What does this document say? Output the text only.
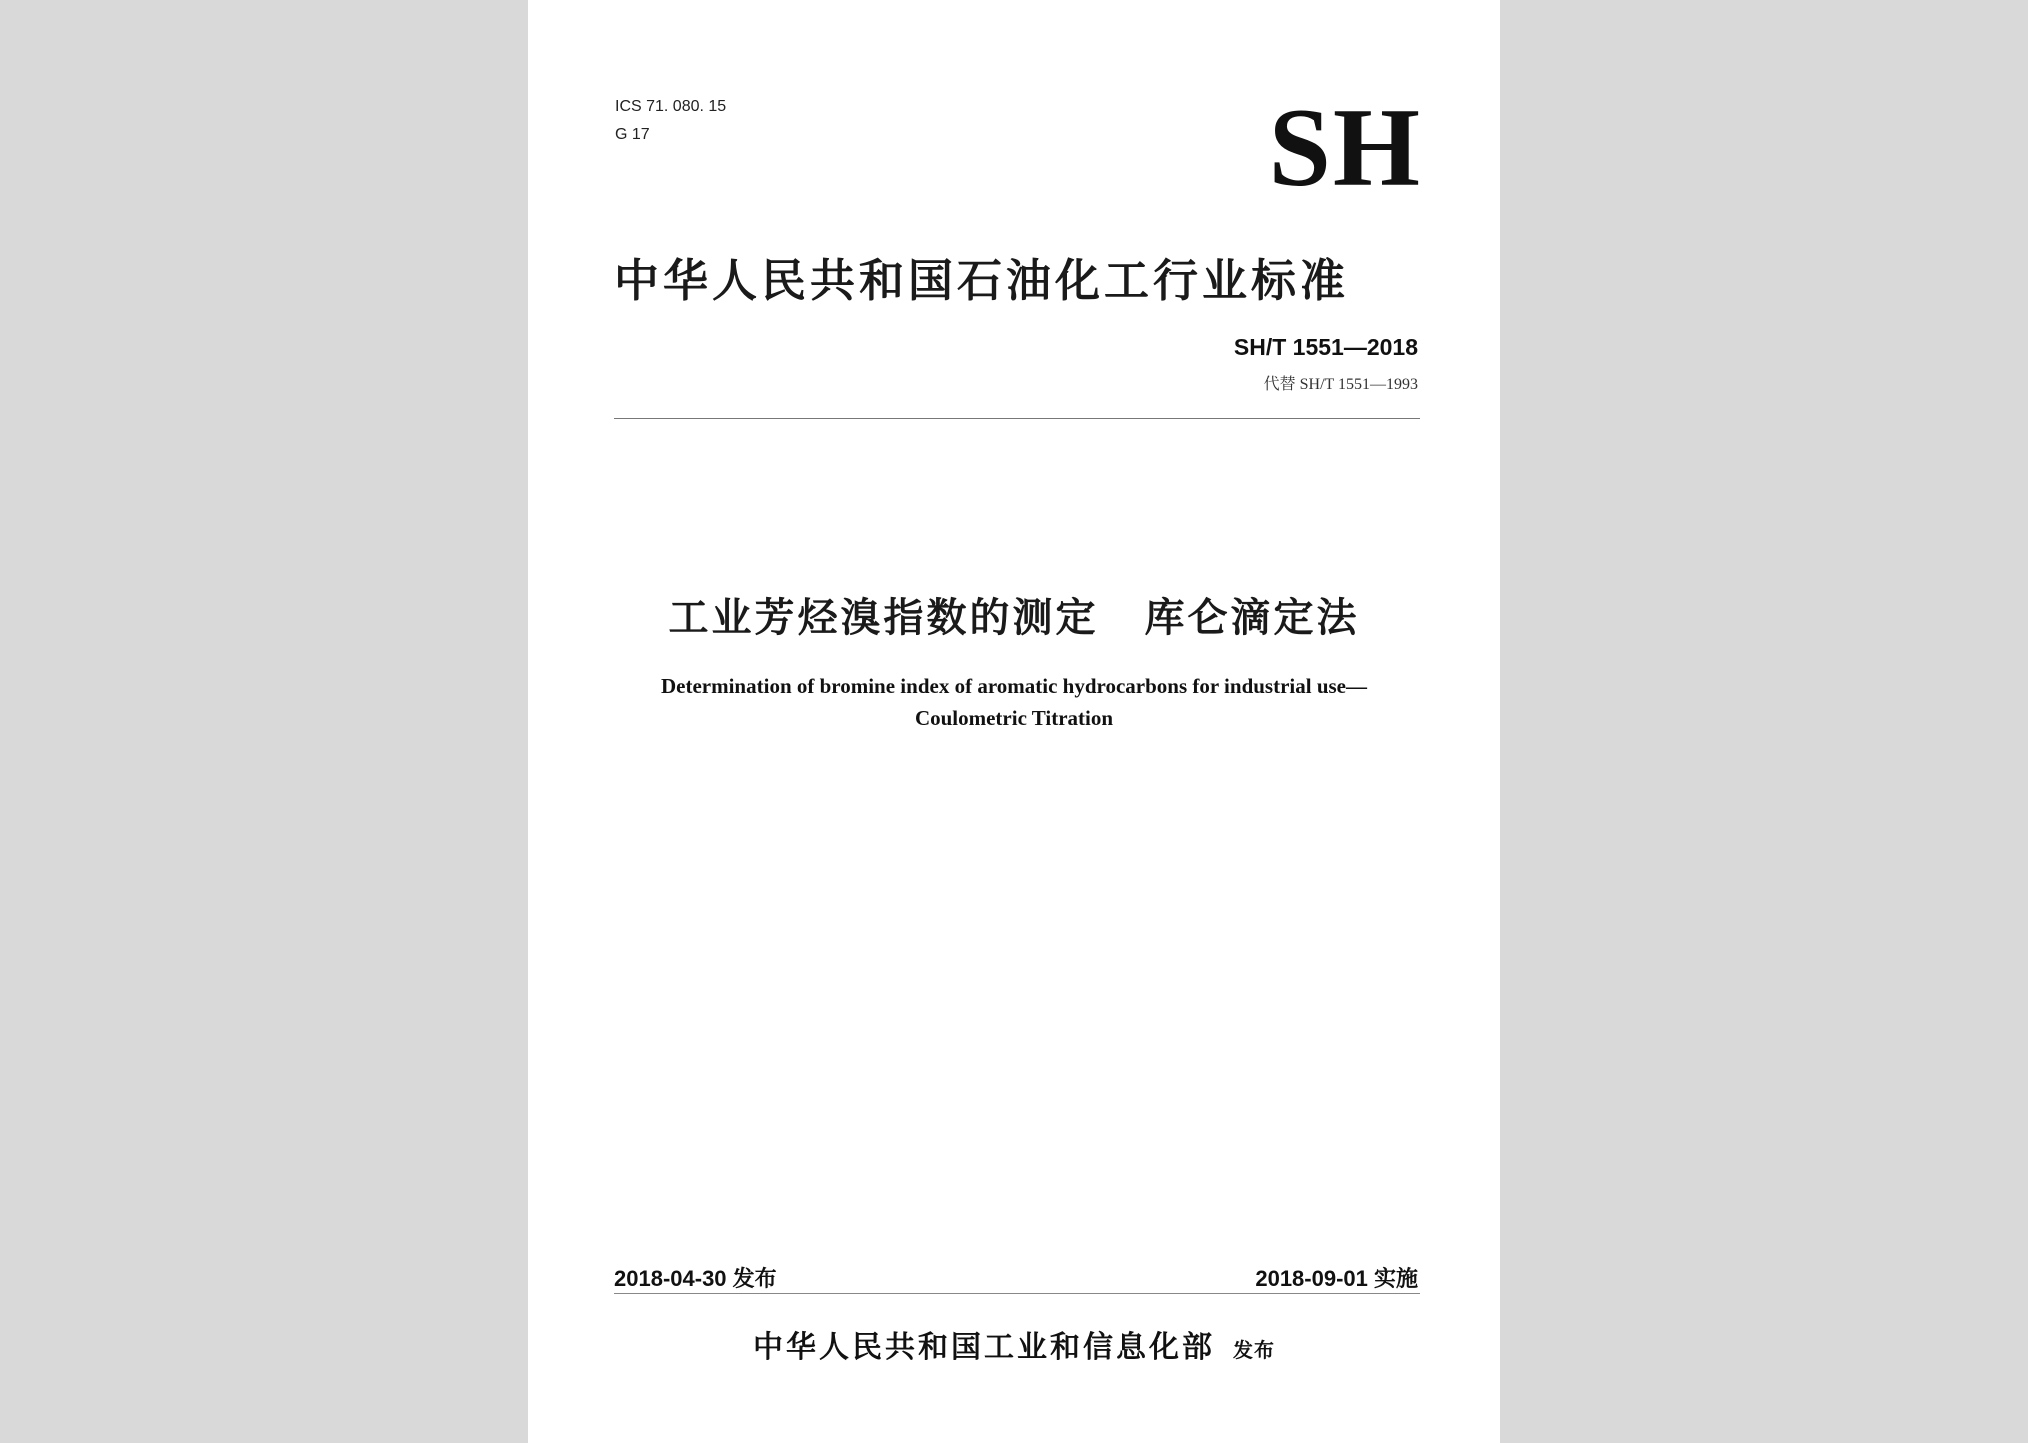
ICS 71. 080. 15
G 17	SH
中华人民共和国石油化工行业标准
SH/T 1551—2018
代替 SH/T 1551—1993
工业芳烃溴指数的测定 库仑滴定法
Determination of bromine index of aromatic hydrocarbons for industrial use—
Coulometric Titration
2018-04-30 发布	2018-09-01 实施
中华人民共和国工业和信息化部 发布
